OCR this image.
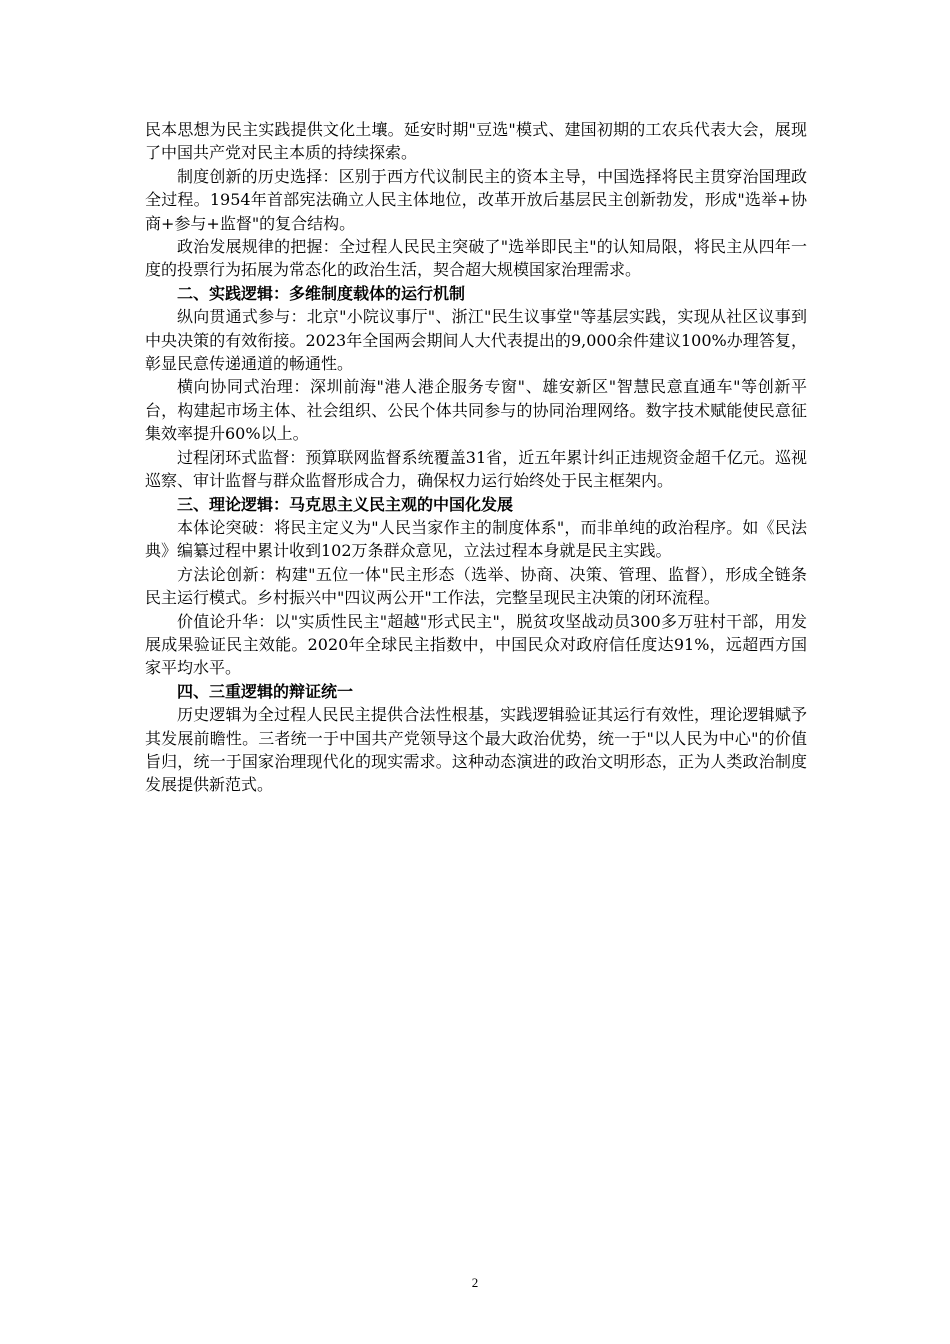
民本思想为民主实践提供文化土壤。延安时期"豆选"模式、建国初期的工农兵代表大会，展现了中国共产党对民主本质的持续探索。

制度创新的历史选择：区别于西方代议制民主的资本主导，中国选择将民主贯穿治国理政全过程。1954年首部宪法确立人民主体地位，改革开放后基层民主创新勃发，形成"选举+协商+参与+监督"的复合结构。

政治发展规律的把握：全过程人民民主突破了"选举即民主"的认知局限，将民主从四年一度的投票行为拓展为常态化的政治生活，契合超大规模国家治理需求。

二、实践逻辑：多维制度载体的运行机制

纵向贯通式参与：北京"小院议事厅"、浙江"民生议事堂"等基层实践，实现从社区议事到中央决策的有效衔接。2023年全国两会期间人大代表提出的9,000余件建议100%办理答复，彰显民意传递通道的畅通性。

横向协同式治理：深圳前海"港人港企服务专窗"、雄安新区"智慧民意直通车"等创新平台，构建起市场主体、社会组织、公民个体共同参与的协同治理网络。数字技术赋能使民意征集效率提升60%以上。

过程闭环式监督：预算联网监督系统覆盖31省，近五年累计纠正违规资金超千亿元。巡视巡察、审计监督与群众监督形成合力，确保权力运行始终处于民主框架内。

三、理论逻辑：马克思主义民主观的中国化发展

本体论突破：将民主定义为"人民当家作主的制度体系"，而非单纯的政治程序。如《民法典》编纂过程中累计收到102万条群众意见，立法过程本身就是民主实践。

方法论创新：构建"五位一体"民主形态（选举、协商、决策、管理、监督），形成全链条民主运行模式。乡村振兴中"四议两公开"工作法，完整呈现民主决策的闭环流程。

价值论升华：以"实质性民主"超越"形式民主"，脱贫攻坚战动员300多万驻村干部，用发展成果验证民主效能。2020年全球民主指数中，中国民众对政府信任度达91%，远超西方国家平均水平。

四、三重逻辑的辩证统一

历史逻辑为全过程人民民主提供合法性根基，实践逻辑验证其运行有效性，理论逻辑赋予其发展前瞻性。三者统一于中国共产党领导这个最大政治优势，统一于"以人民为中心"的价值旨归，统一于国家治理现代化的现实需求。这种动态演进的政治文明形态，正为人类政治制度发展提供新范式。

2
